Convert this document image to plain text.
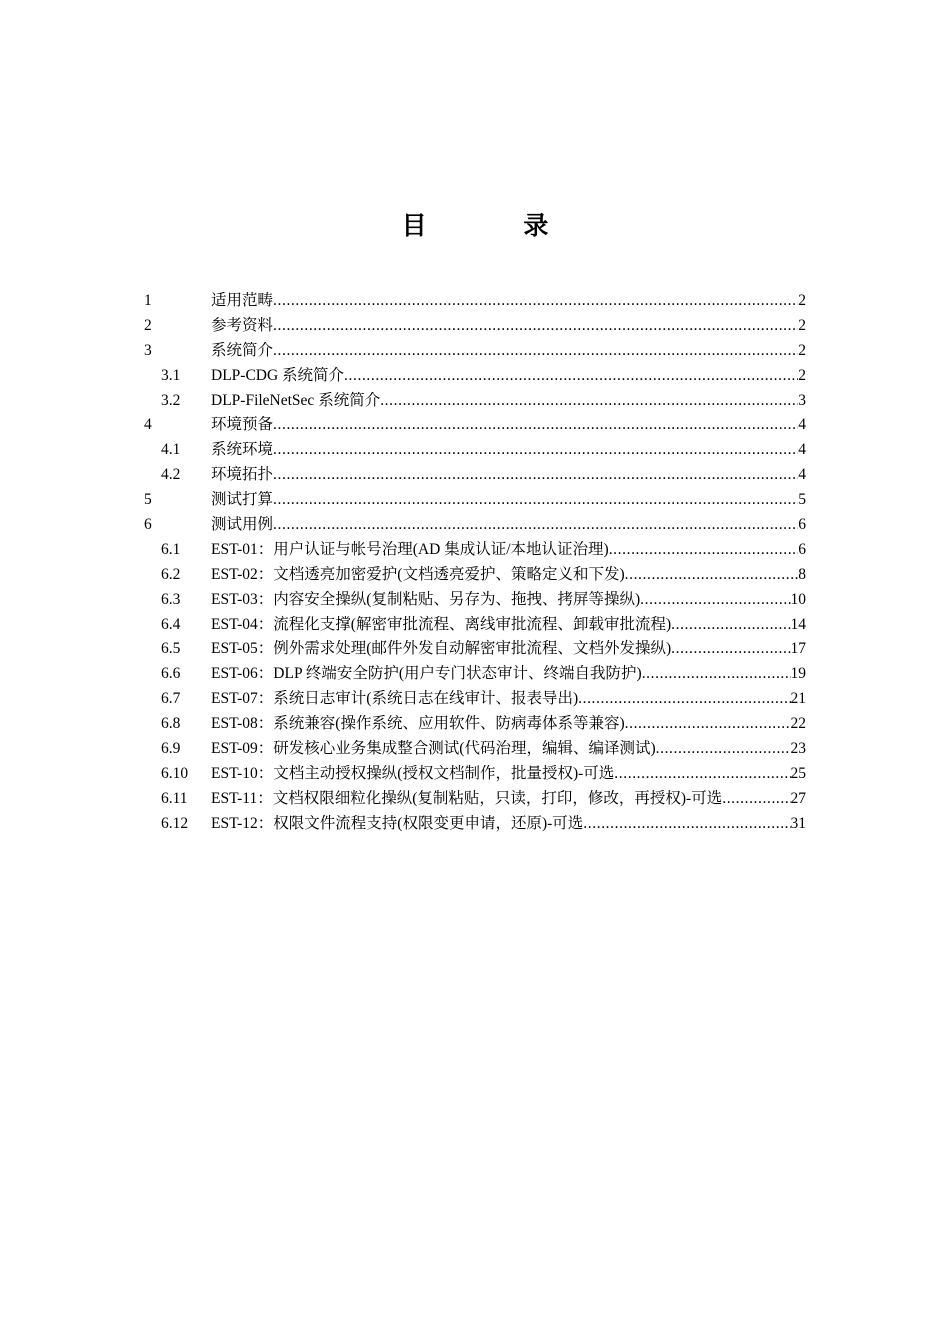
目 录
1	适用范畴 .....	2
2	参考资料 .....	2
3	系统简介 .....	2
3.1 DLP-CDG 系统简介 .....	2
3.2 DLP-FileNetSec 系统简介 .....	3
4	环境预备 .....	4
4.1 系统环境 .....	4
4.2 环境拓扑 .....	4
5	测试打算 .....	5
6	测试用例 .....	6
6.1 EST-01：用户认证与帐号治理(AD 集成认证/本地认证治理) .....	6
6.2 EST-02：文档透亮加密爱护(文档透亮爱护、策略定义和下发) .....	8
6.3 EST-03：内容安全操纵(复制粘贴、另存为、拖拽、拷屏等操纵) .....	10
6.4 EST-04：流程化支撑(解密审批流程、离线审批流程、卸载审批流程) .....	14
6.5 EST-05：例外需求处理(邮件外发自动解密审批流程、文档外发操纵) .....	17
6.6 EST-06：DLP 终端安全防护(用户专门状态审计、终端自我防护) .....	19
6.7 EST-07：系统日志审计(系统日志在线审计、报表导出) .....	21
6.8 EST-08：系统兼容(操作系统、应用软件、防病毒体系等兼容) .....	22
6.9 EST-09：研发核心业务集成整合测试(代码治理，编辑、编译测试) .....	23
6.10 EST-10：文档主动授权操纵(授权文档制作，批量授权)-可选 .....	25
6.11 EST-11：文档权限细粒化操纵(复制粘贴，只读，打印，修改，再授权)-可选 .....	27
6.12 EST-12：权限文件流程支持(权限变更申请，还原)-可选 .....	31
